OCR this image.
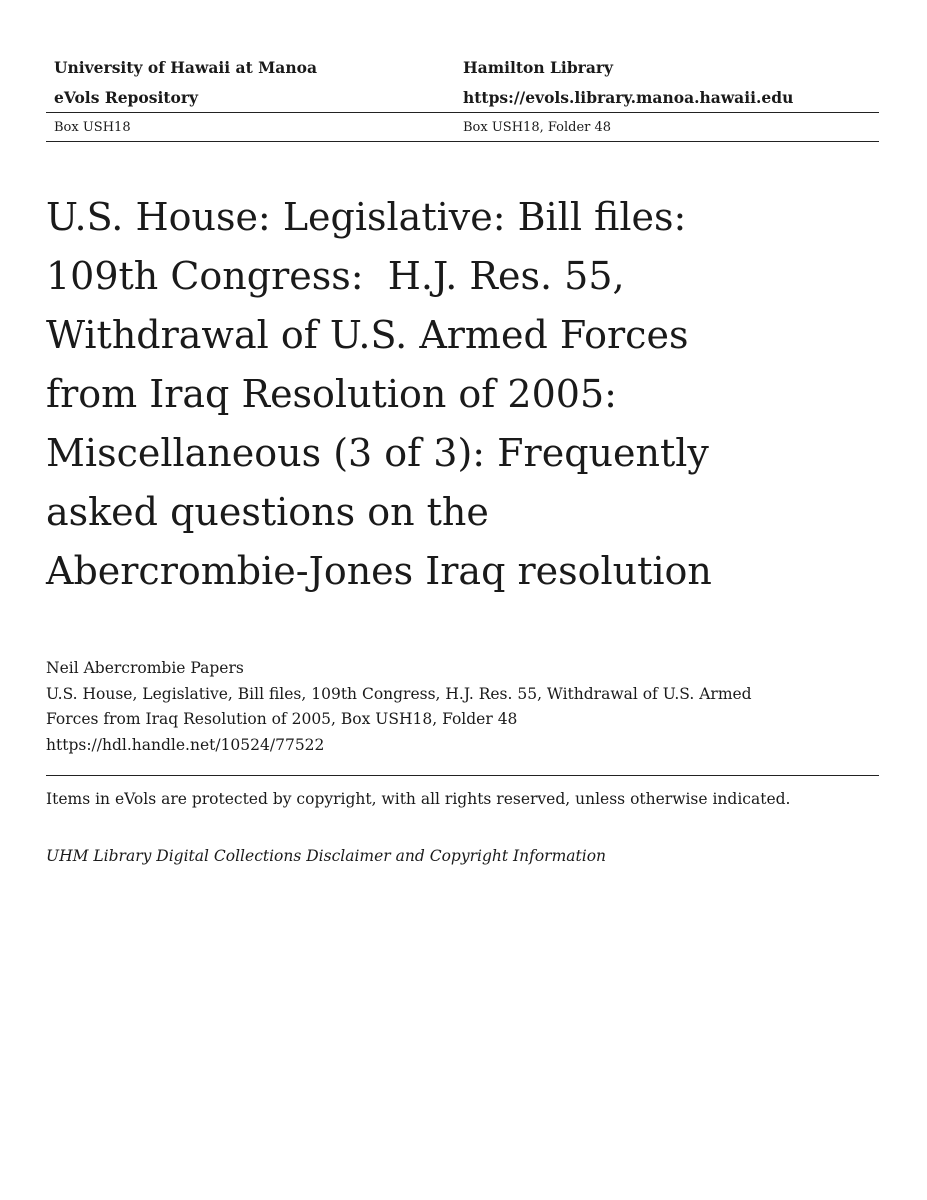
University of Hawaii at Manoa	Hamilton Library
eVols Repository	https://evols.library.manoa.hawaii.edu
Box USH18	Box USH18, Folder 48
U.S. House: Legislative: Bill files:
109th Congress:  H.J. Res. 55,
Withdrawal of U.S. Armed Forces
from Iraq Resolution of 2005:
Miscellaneous (3 of 3): Frequently
asked questions on the
Abercrombie-Jones Iraq resolution
Neil Abercrombie Papers
U.S. House, Legislative, Bill files, 109th Congress, H.J. Res. 55, Withdrawal of U.S. Armed Forces from Iraq Resolution of 2005, Box USH18, Folder 48
https://hdl.handle.net/10524/77522
Items in eVols are protected by copyright, with all rights reserved, unless otherwise indicated.
UHM Library Digital Collections Disclaimer and Copyright Information
